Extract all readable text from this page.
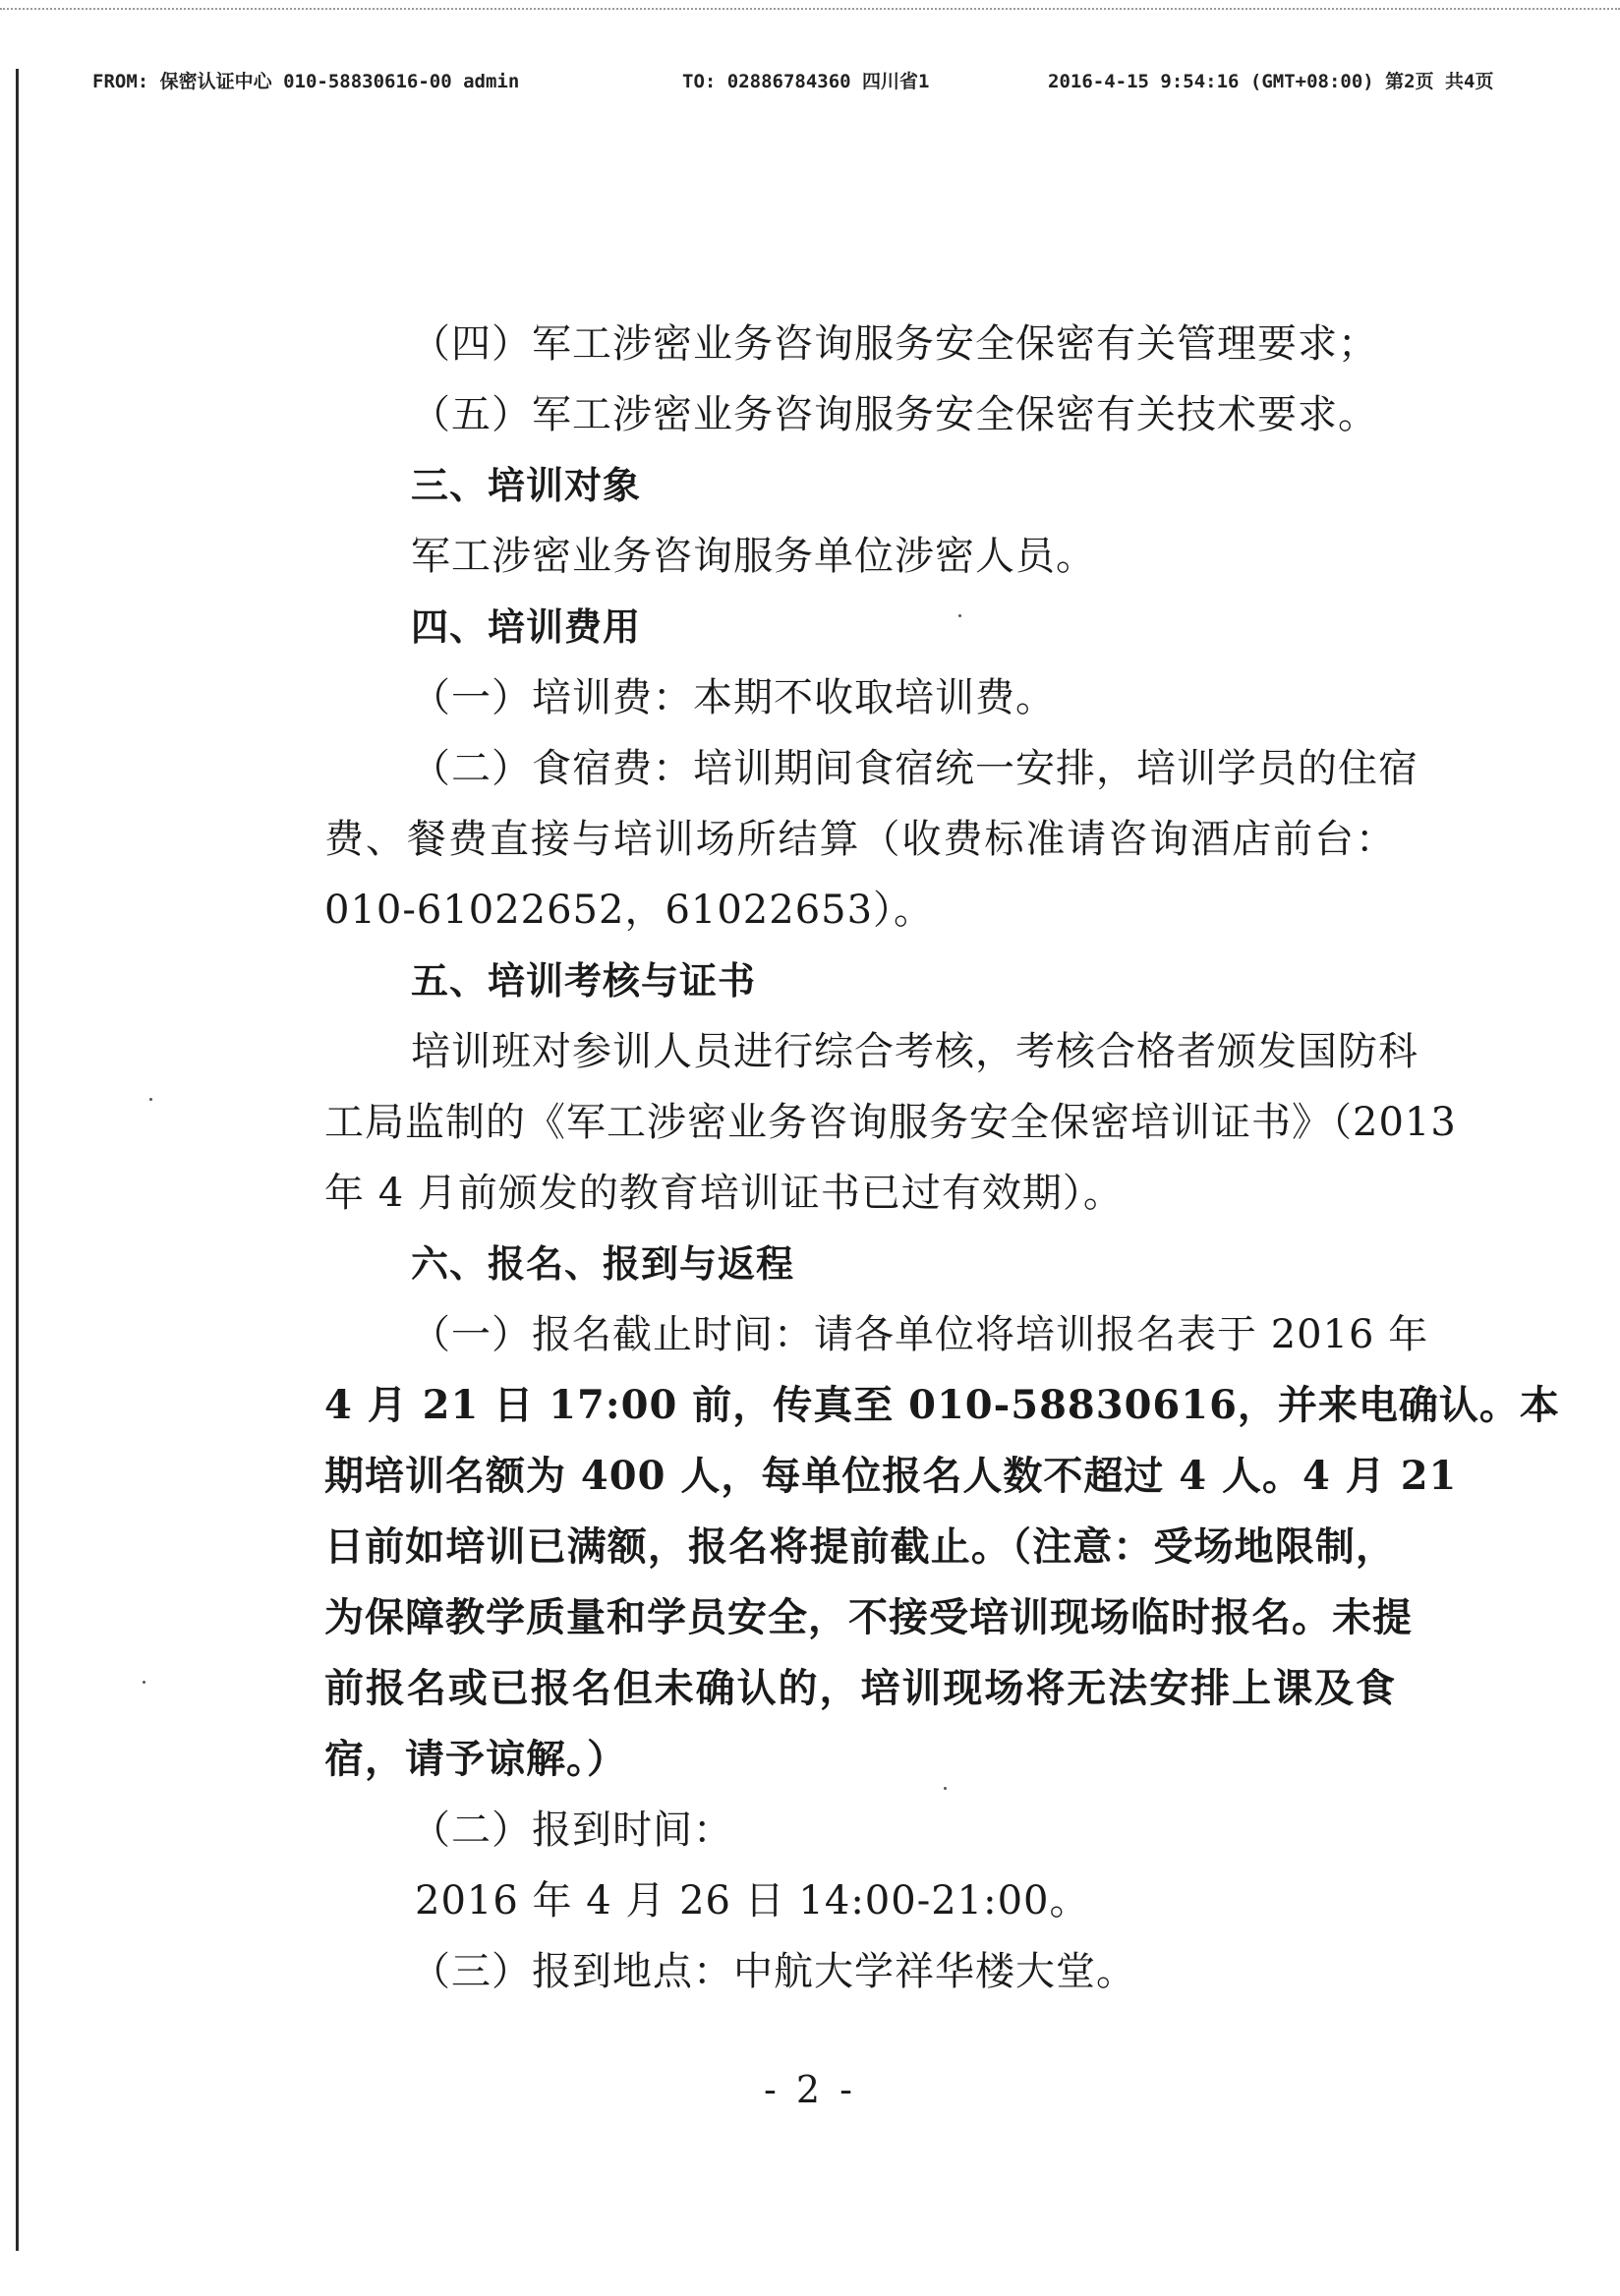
FROM: 保密认证中心 010-58830616-00 admin	TO: 02886784360 四川省1	2016-4-15 9:54:16 (GMT+08:00) 第2页 共4页
（四）军工涉密业务咨询服务安全保密有关管理要求；
（五）军工涉密业务咨询服务安全保密有关技术要求。
三、培训对象
军工涉密业务咨询服务单位涉密人员。
四、培训费用
（一）培训费：本期不收取培训费。
（二）食宿费：培训期间食宿统一安排，培训学员的住宿
费、餐费直接与培训场所结算（收费标准请咨询酒店前台：
010-61022652，61022653）。
五、培训考核与证书
培训班对参训人员进行综合考核，考核合格者颁发国防科
工局监制的《军工涉密业务咨询服务安全保密培训证书》（2013
年 4 月前颁发的教育培训证书已过有效期）。
六、报名、报到与返程
（一）报名截止时间：请各单位将培训报名表于 2016 年
4 月 21 日 17:00 前，传真至 010-58830616，并来电确认。本
期培训名额为 400 人，每单位报名人数不超过 4 人。4 月 21
日前如培训已满额，报名将提前截止。（注意：受场地限制，
为保障教学质量和学员安全，不接受培训现场临时报名。未提
前报名或已报名但未确认的，培训现场将无法安排上课及食
宿，请予谅解。）
（二）报到时间：
2016 年 4 月 26 日 14:00-21:00。
（三）报到地点：中航大学祥华楼大堂。
- 2 -
